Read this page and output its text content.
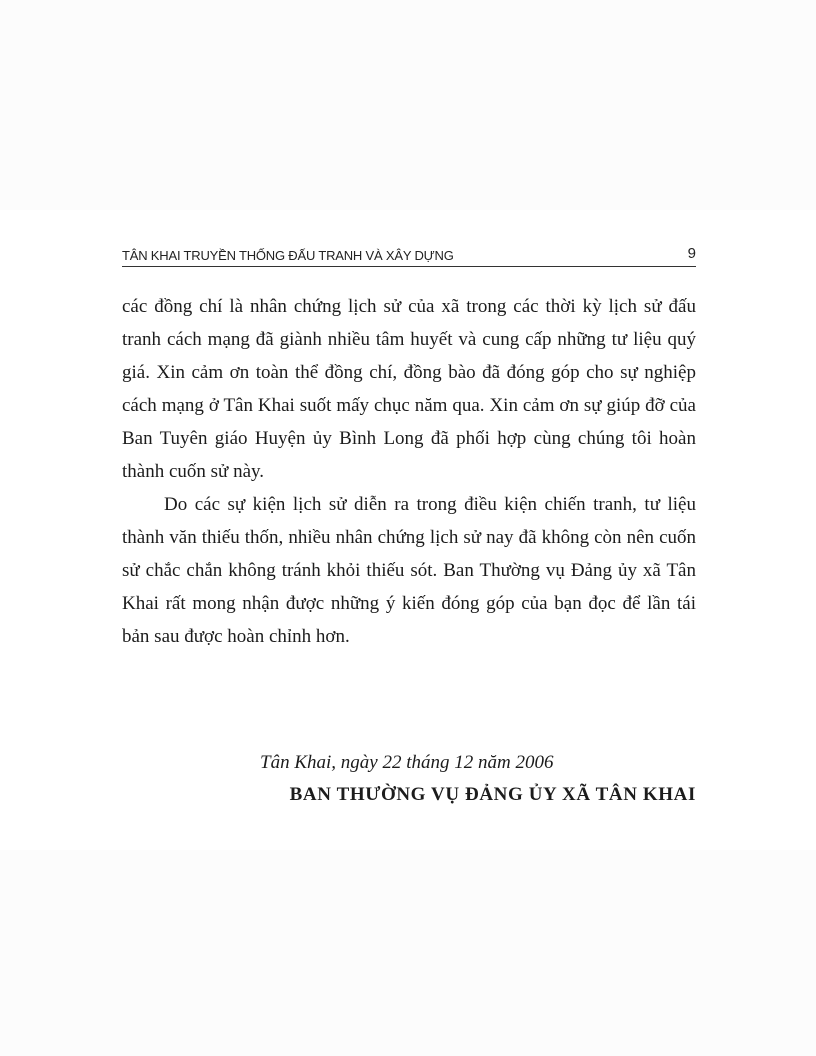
TÂN KHAI TRUYỀN THỐNG ĐẤU TRANH VÀ XÂY DỰNG	9

các đồng chí là nhân chứng lịch sử của xã trong các thời kỳ lịch sử đấu tranh cách mạng đã giành nhiều tâm huyết và cung cấp những tư liệu quý giá. Xin cảm ơn toàn thể đồng chí, đồng bào đã đóng góp cho sự nghiệp cách mạng ở Tân Khai suốt mấy chục năm qua. Xin cảm ơn sự giúp đỡ của Ban Tuyên giáo Huyện ủy Bình Long đã phối hợp cùng chúng tôi hoàn thành cuốn sử này.

Do các sự kiện lịch sử diễn ra trong điều kiện chiến tranh, tư liệu thành văn thiếu thốn, nhiều nhân chứng lịch sử nay đã không còn nên cuốn sử chắc chắn không tránh khỏi thiếu sót. Ban Thường vụ Đảng ủy xã Tân Khai rất mong nhận được những ý kiến đóng góp của bạn đọc để lần tái bản sau được hoàn chỉnh hơn.

Tân Khai, ngày 22 tháng 12 năm 2006
BAN THƯỜNG VỤ ĐẢNG ỦY XÃ TÂN KHAI
